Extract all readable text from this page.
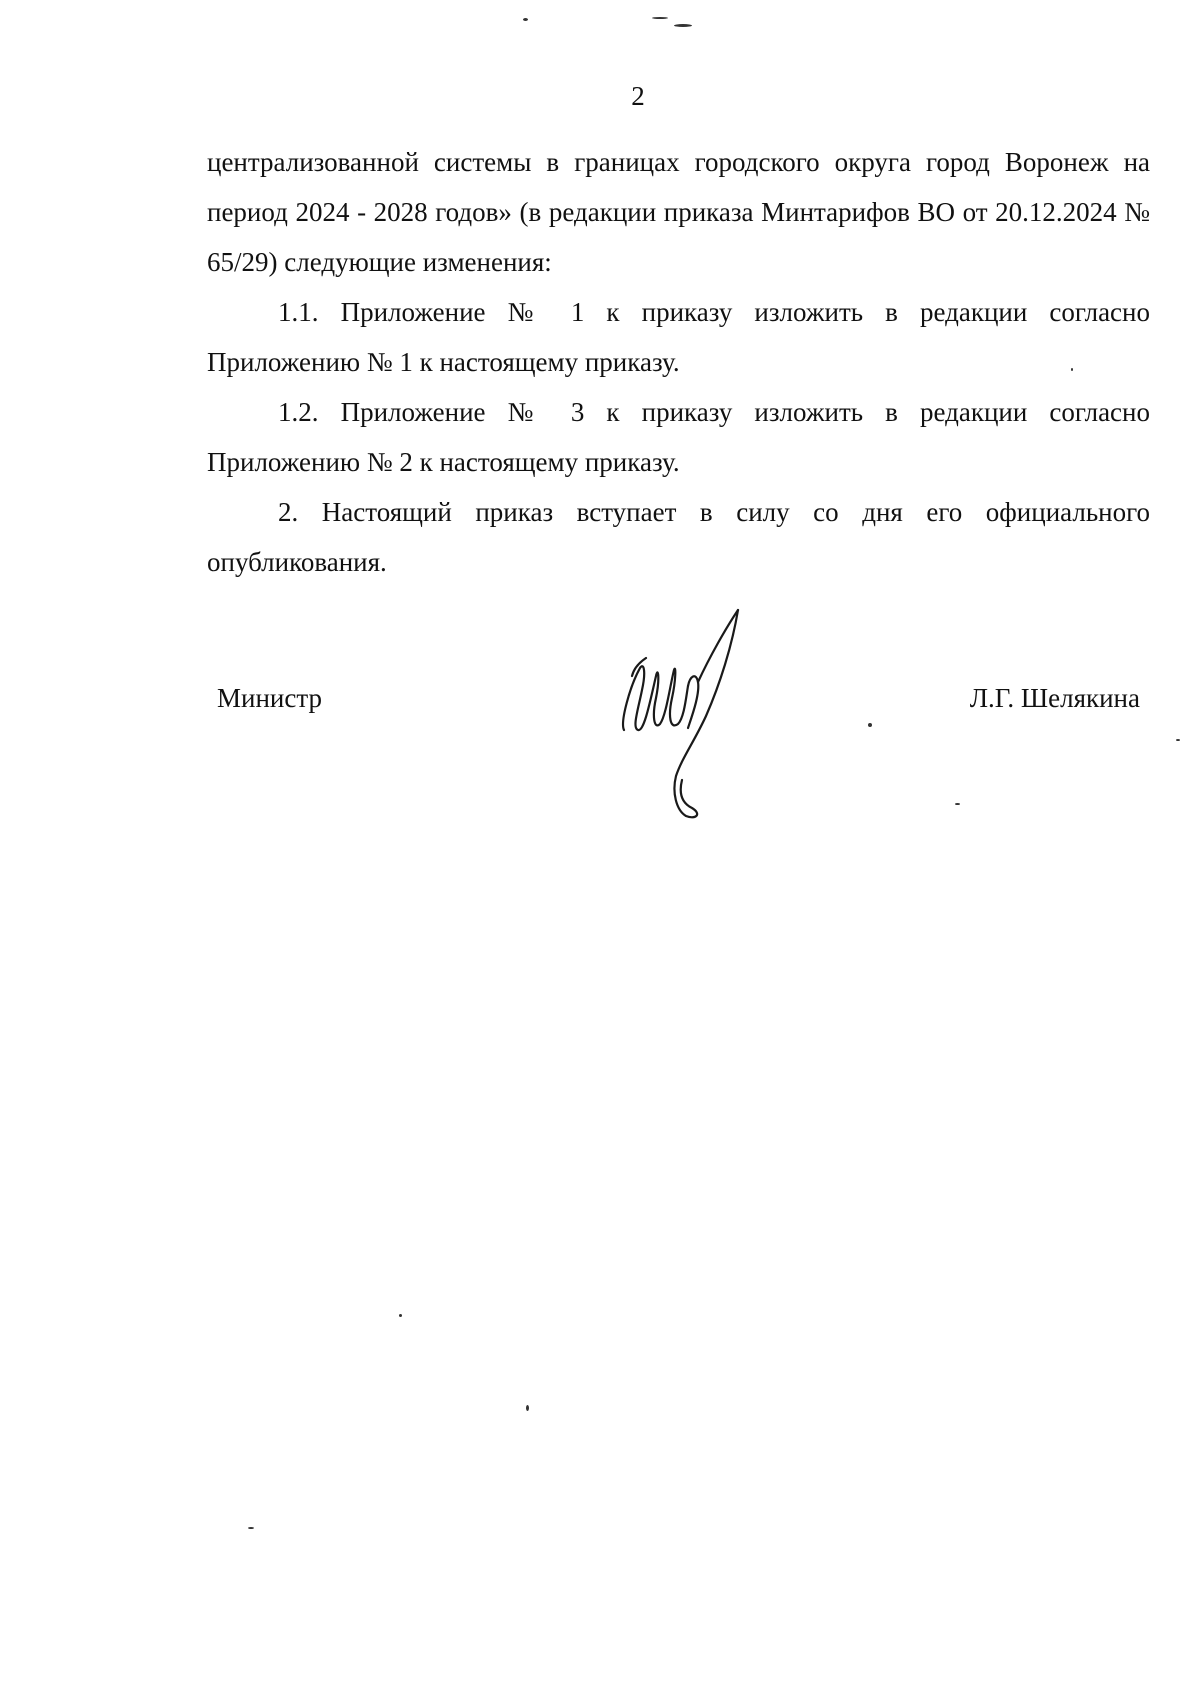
2

централизованной системы в границах городского округа город Воронеж на период 2024 - 2028 годов» (в редакции приказа Минтарифов ВО от 20.12.2024 № 65/29) следующие изменения:

1.1. Приложение № 1 к приказу изложить в редакции согласно Приложению № 1 к настоящему приказу.

1.2. Приложение № 3 к приказу изложить в редакции согласно Приложению № 2 к настоящему приказу.

2. Настоящий приказ вступает в силу со дня его официального опубликования.

Министр	Л.Г. Шелякина
